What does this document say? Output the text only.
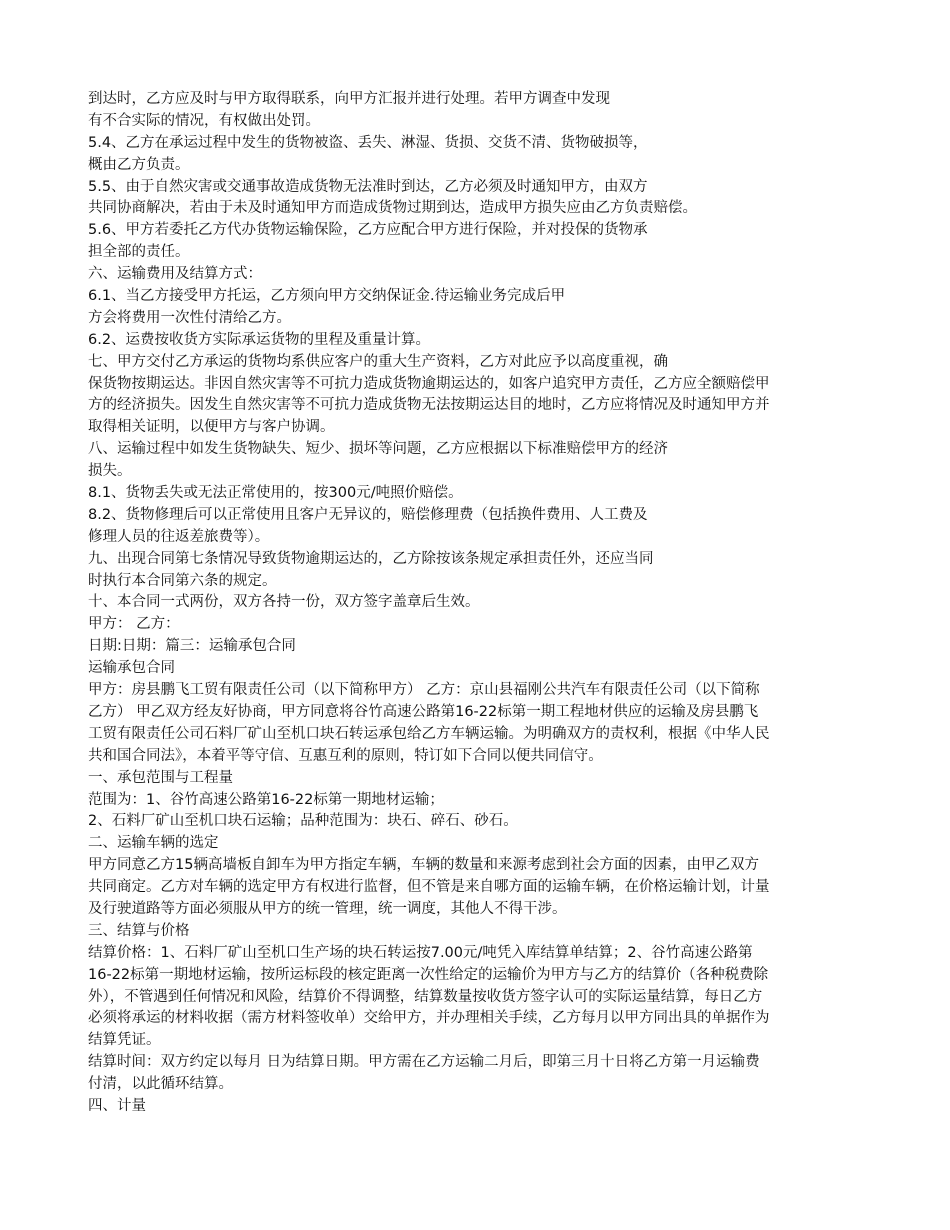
到达时，乙方应及时与甲方取得联系，向甲方汇报并进行处理。若甲方调查中发现
有不合实际的情况，有权做出处罚。
5.4、乙方在承运过程中发生的货物被盗、丢失、淋湿、货损、交货不清、货物破损等，
概由乙方负责。
5.5、由于自然灾害或交通事故造成货物无法准时到达，乙方必须及时通知甲方，由双方
共同协商解决，若由于未及时通知甲方而造成货物过期到达，造成甲方损失应由乙方负责赔偿。
5.6、甲方若委托乙方代办货物运输保险，乙方应配合甲方进行保险，并对投保的货物承
担全部的责任。
六、运输费用及结算方式：
6.1、当乙方接受甲方托运，乙方须向甲方交纳保证金.待运输业务完成后甲
方会将费用一次性付清给乙方。
6.2、运费按收货方实际承运货物的里程及重量计算。
七、甲方交付乙方承运的货物均系供应客户的重大生产资料，乙方对此应予以高度重视，确
保货物按期运达。非因自然灾害等不可抗力造成货物逾期运达的，如客户追究甲方责任，乙方应全额赔偿甲
方的经济损失。因发生自然灾害等不可抗力造成货物无法按期运达目的地时，乙方应将情况及时通知甲方并
取得相关证明，以便甲方与客户协调。
八、运输过程中如发生货物缺失、短少、损坏等问题，乙方应根据以下标准赔偿甲方的经济
损失。
8.1、货物丢失或无法正常使用的，按300元/吨照价赔偿。
8.2、货物修理后可以正常使用且客户无异议的，赔偿修理费（包括换件费用、人工费及
修理人员的往返差旅费等）。
九、出现合同第七条情况导致货物逾期运达的，乙方除按该条规定承担责任外，还应当同
时执行本合同第六条的规定。
十、本合同一式两份，双方各持一份，双方签字盖章后生效。
甲方： 乙方：
日期:日期：篇三：运输承包合同
运输承包合同
甲方：房县鹏飞工贸有限责任公司（以下简称甲方） 乙方：京山县福刚公共汽车有限责任公司（以下简称
乙方） 甲乙双方经友好协商，甲方同意将谷竹高速公路第16-22标第一期工程地材供应的运输及房县鹏飞
工贸有限责任公司石料厂矿山至机口块石转运承包给乙方车辆运输。为明确双方的责权利，根据《中华人民
共和国合同法》，本着平等守信、互惠互利的原则，特订如下合同以便共同信守。
一、承包范围与工程量
范围为：1、谷竹高速公路第16-22标第一期地材运输；
2、石料厂矿山至机口块石运输；品种范围为：块石、碎石、砂石。
二、运输车辆的选定
甲方同意乙方15辆高墙板自卸车为甲方指定车辆，车辆的数量和来源考虑到社会方面的因素，由甲乙双方
共同商定。乙方对车辆的选定甲方有权进行监督，但不管是来自哪方面的运输车辆，在价格运输计划，计量
及行驶道路等方面必须服从甲方的统一管理，统一调度，其他人不得干涉。
三、结算与价格
结算价格：1、石料厂矿山至机口生产场的块石转运按7.00元/吨凭入库结算单结算；2、谷竹高速公路第
16-22标第一期地材运输，按所运标段的核定距离一次性给定的运输价为甲方与乙方的结算价（各种税费除
外），不管遇到任何情况和风险，结算价不得调整，结算数量按收货方签字认可的实际运量结算，每日乙方
必须将承运的材料收据（需方材料签收单）交给甲方，并办理相关手续，乙方每月以甲方同出具的单据作为
结算凭证。
结算时间：双方约定以每月 日为结算日期。甲方需在乙方运输二月后，即第三月十日将乙方第一月运输费
付清，以此循环结算。
四、计量
